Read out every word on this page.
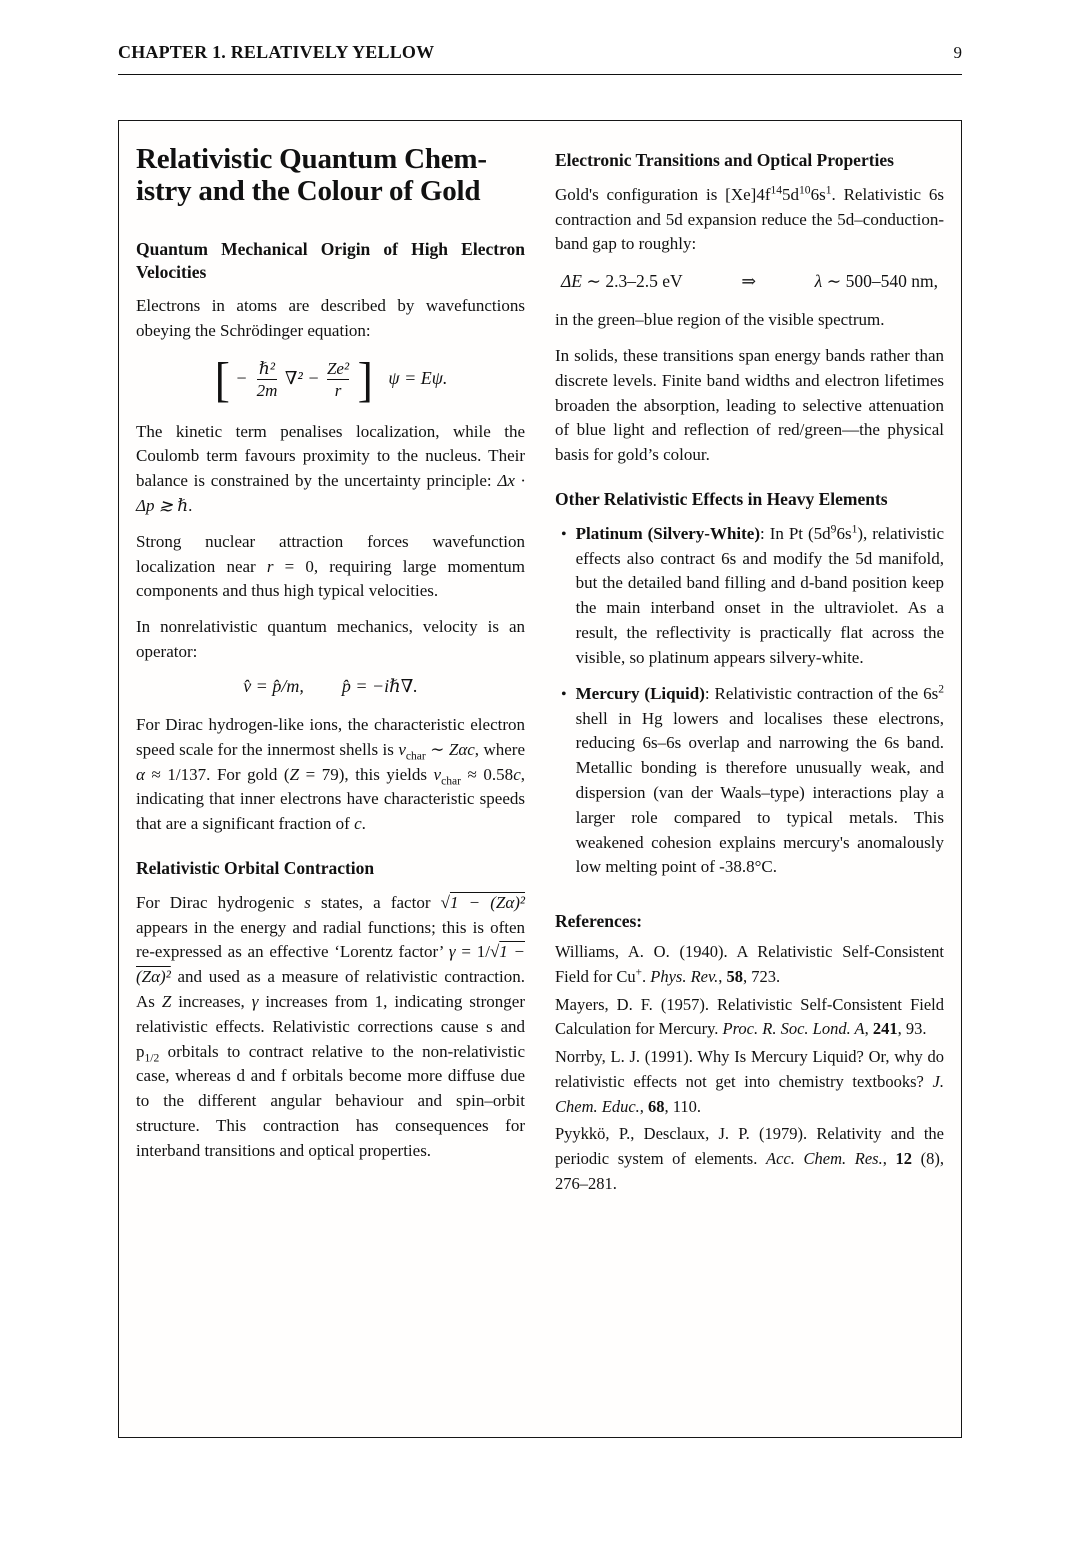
CHAPTER 1. RELATIVELY YELLOW	9
Relativistic Quantum Chem-
istry and the Colour of Gold
Quantum Mechanical Origin of High Electron Velocities

Electrons in atoms are described by wavefunctions obeying the Schrödinger equation:

[ − $\frac{\text{ℏ²}}{2m} \nabla^2 - \frac{\text{Ze²}}{r}$ ] ψ = Eψ.

The kinetic term penalises localization, while the Coulomb term favours proximity to the nucleus. Their balance is constrained by the uncertainty principle: Δx · Δp ≳ ℏ.

Strong nuclear attraction forces wavefunction localization near r = 0, requiring large momentum components and thus high typical velocities.

In nonrelativistic quantum mechanics, velocity is an operator:

v̂ = p̂/m, p̂ = −iℏ∇.

For Dirac hydrogen-like ions, the characteristic electron speed scale for the innermost shells is $v_{char}$ ∼ Zαc, where α ≈ 1/137. For gold (Z = 79), this yields $v_{char} \approx 0.58c$, indicating that inner electrons have characteristic speeds that are a significant fraction of c.

Relativistic Orbital Contraction

For Dirac hydrogenic s states, a factor √1 − (Zα)² appears in the energy and radial functions; this is often re-expressed as an effective ‘Lorentz factor’ γ = 1/√1 − (Zα)² and used as a measure of relativistic contraction. As Z increases, γ increases from 1, indicating stronger relativistic effects. Relativistic corrections cause s and $p_{1/2}$ orbitals to contract relative to the non-relativistic case, whereas d and f orbitals become more diffuse due to the different angular behaviour and spin–orbit structure. This contraction has consequences for interband transitions and optical properties.

Electronic Transitions and Optical Properties

Gold's configuration is $[Xe]4f^{14}5d^{10}6s^1$. Relativistic 6s contraction and 5d expansion reduce the 5d–conduction-band gap to roughly:

ΔE ∼ 2.3–2.5 eV	⇒	λ ∼ 500–540 nm,

in the green–blue region of the visible spectrum.

In solids, these transitions span energy bands rather than discrete levels. Finite band widths and electron lifetimes broaden the absorption, leading to selective attenuation of blue light and reflection of red/green—the physical basis for gold’s colour.

Other Relativistic Effects in Heavy Elements
• Platinum (Silvery-White): In Pt $(5d^96s^1)$, relativistic effects also contract 6s and modify the 5d manifold, but the detailed band filling and d-band position keep the main interband onset in the ultraviolet. As a result, the reflectivity is practically flat across the visible, so platinum appears silvery-white.

• Mercury (Liquid): Relativistic contraction of the $6s^2$ shell in Hg lowers and localises these electrons, reducing 6s–6s overlap and narrowing the 6s band. Metallic bonding is therefore unusually weak, and dispersion (van der Waals–type) interactions play a larger role compared to typical metals. This weakened cohesion explains mercury's anomalously low melting point of -38.8°C.

References:

Williams, A. O. (1940). A Relativistic Self-Consistent Field for Cu+. Phys. Rev., 58, 723.

Mayers, D. F. (1957). Relativistic Self-Consistent Field Calculation for Mercury. Proc. R. Soc. Lond. A, 241, 93.

Norrby, L. J. (1991). Why Is Mercury Liquid? Or, why do relativistic effects not get into chemistry textbooks? J. Chem. Educ., 68, 110.

Pyykkö, P., Desclaux, J. P. (1979). Relativity and the periodic system of elements. Acc. Chem. Res., 12 (8), 276–281.
